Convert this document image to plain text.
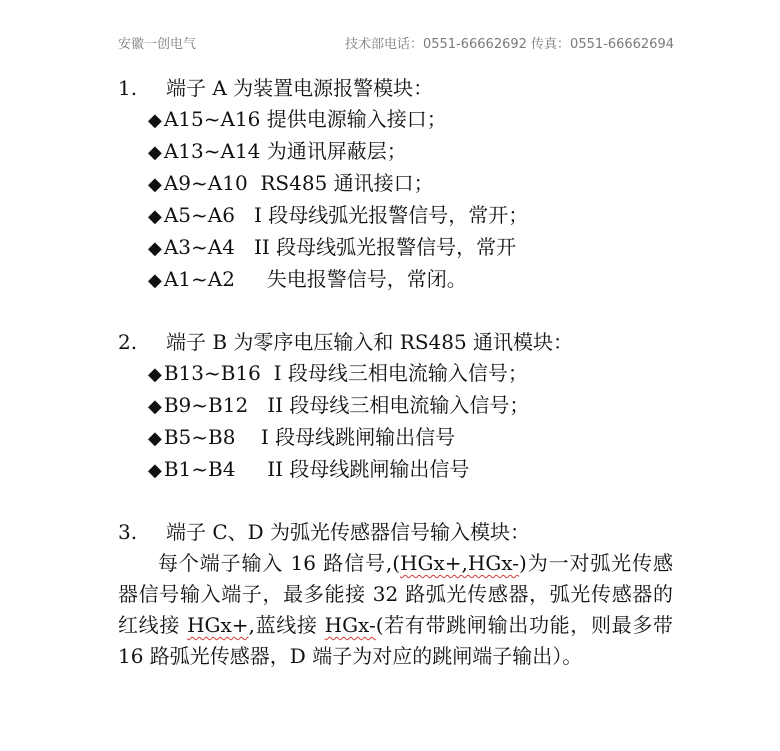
安徽一创电气	技术部电话：0551-66662692 传真：0551-66662694

1. 端子 A 为装置电源报警模块：

◆ A15~A16 提供电源输入接口；

◆ A13~A14 为通讯屏蔽层；

◆ A9~A10  RS485 通讯接口；

◆ A5~A6   I 段母线弧光报警信号，常开；

◆ A3~A4   II 段母线弧光报警信号，常开

◆ A1~A2     失电报警信号，常闭。

2. 端子 B 为零序电压输入和 RS485 通讯模块：

◆ B13~B16  I 段母线三相电流输入信号；

◆ B9~B12   II 段母线三相电流输入信号；

◆ B5~B8    I 段母线跳闸输出信号

◆ B1~B4     II 段母线跳闸输出信号

3. 端子 C、D 为弧光传感器信号输入模块：

每个端子输入 16 路信号,(HGx+,HGx-)为一对弧光传感器信号输入端子，最多能接 32 路弧光传感器，弧光传感器的红线接 HGx+,蓝线接 HGx-(若有带跳闸输出功能，则最多带 16 路弧光传感器，D 端子为对应的跳闸端子输出）。
